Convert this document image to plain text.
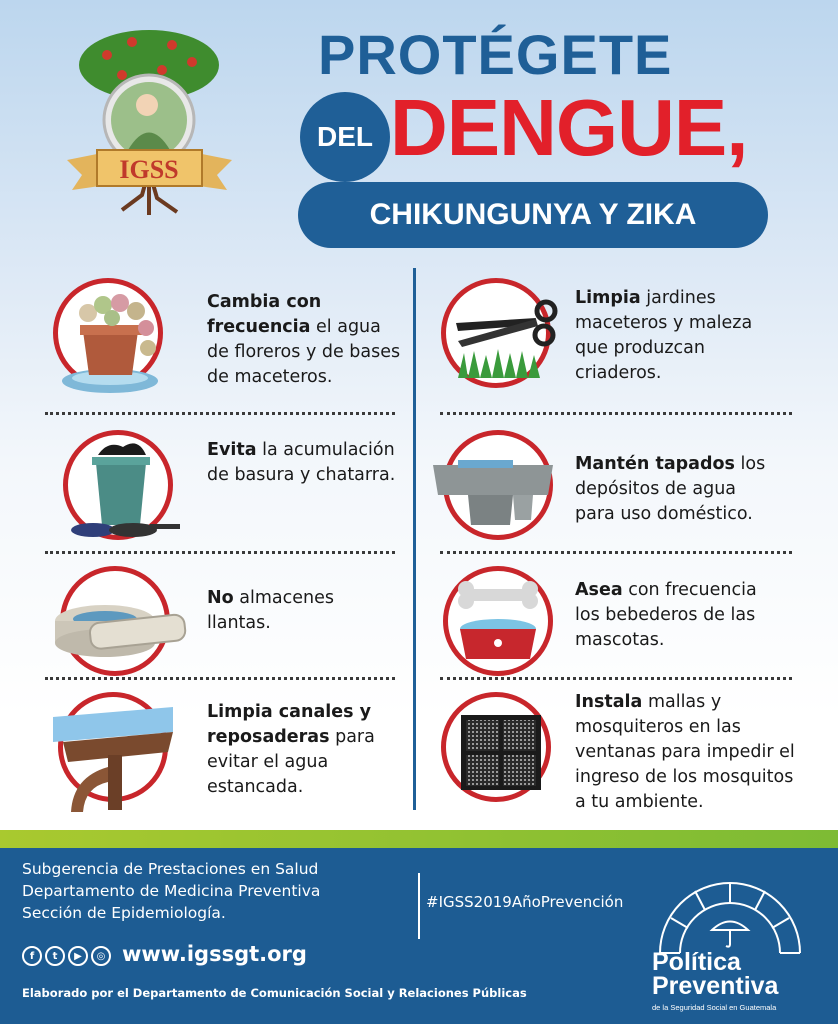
IGSS
PROTÉGETE
DEL DENGUE,
CHIKUNGUNYA Y ZIKA
Cambia con frecuencia el agua de floreros y de bases de maceteros.
Evita la acumulación de basura y chatarra.
No almacenes llantas.
Limpia canales y reposaderas para evitar el agua estancada.
Limpia jardines maceteros y maleza que produzcan criaderos.
Mantén tapados los depósitos de agua para uso doméstico.
Asea con frecuencia los bebederos de las mascotas.
Instala mallas y mosquiteros en las ventanas para impedir el ingreso de los mosquitos a tu ambiente.
Subgerencia de Prestaciones en Salud
Departamento de Medicina Preventiva
Sección de Epidemiología.
#IGSS2019AñoPrevención
f	t	▶	◎ www.igssgt.org
Elaborado por el Departamento de Comunicación Social y Relaciones Públicas
Política
Preventiva
de la Seguridad Social en Guatemala
